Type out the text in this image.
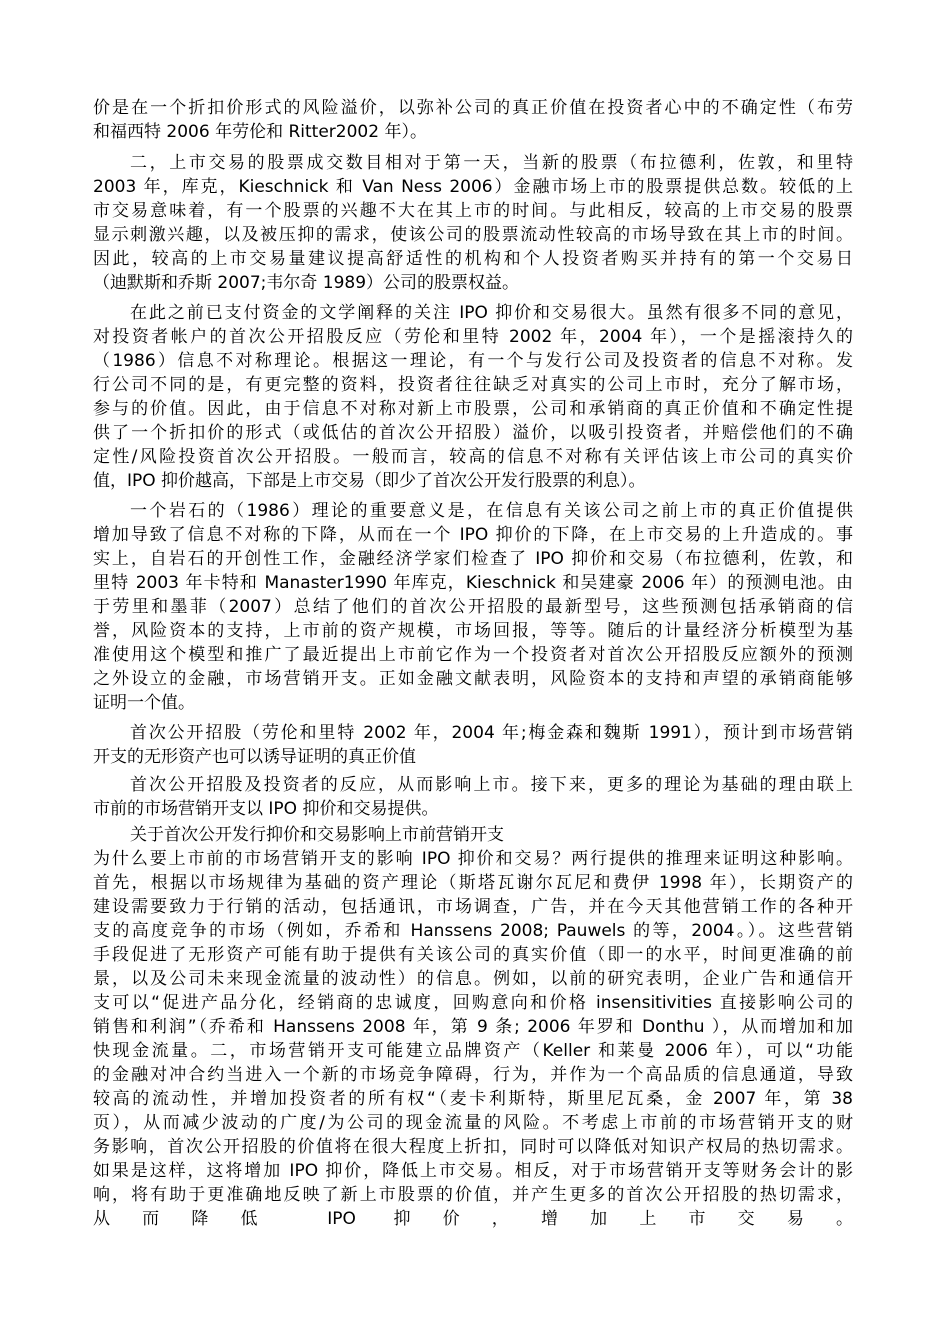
价是在一个折扣价形式的风险溢价，以弥补公司的真正价值在投资者心中的不确定性（布劳
和福西特 2006 年劳伦和 Ritter2002 年）。
二，上市交易的股票成交数目相对于第一天，当新的股票（布拉德利，佐敦，和里特
2003 年，库克，Kieschnick 和 Van Ness 2006）金融市场上市的股票提供总数。较低的上
市交易意味着，有一个股票的兴趣不大在其上市的时间。与此相反，较高的上市交易的股票
显示刺激兴趣，以及被压抑的需求，使该公司的股票流动性较高的市场导致在其上市的时间。
因此，较高的上市交易量建议提高舒适性的机构和个人投资者购买并持有的第一个交易日
（迪默斯和乔斯 2007;韦尔奇 1989）公司的股票权益。
在此之前已支付资金的文学阐释的关注 IPO 抑价和交易很大。虽然有很多不同的意见，
对投资者帐户的首次公开招股反应（劳伦和里特 2002 年，2004 年），一个是摇滚持久的
（1986）信息不对称理论。根据这一理论，有一个与发行公司及投资者的信息不对称。发
行公司不同的是，有更完整的资料，投资者往往缺乏对真实的公司上市时，充分了解市场，
参与的价值。因此，由于信息不对称对新上市股票，公司和承销商的真正价值和不确定性提
供了一个折扣价的形式（或低估的首次公开招股）溢价，以吸引投资者，并赔偿他们的不确
定性/风险投资首次公开招股。一般而言，较高的信息不对称有关评估该上市公司的真实价
值，IPO 抑价越高，下部是上市交易（即少了首次公开发行股票的利息）。
一个岩石的（1986）理论的重要意义是，在信息有关该公司之前上市的真正价值提供
增加导致了信息不对称的下降，从而在一个 IPO 抑价的下降，在上市交易的上升造成的。事
实上，自岩石的开创性工作，金融经济学家们检查了 IPO 抑价和交易（布拉德利，佐敦，和
里特 2003 年卡特和 Manaster1990 年库克，Kieschnick 和吴建豪 2006 年）的预测电池。由
于劳里和墨菲（2007）总结了他们的首次公开招股的最新型号，这些预测包括承销商的信
誉，风险资本的支持，上市前的资产规模，市场回报，等等。随后的计量经济分析模型为基
准使用这个模型和推广了最近提出上市前它作为一个投资者对首次公开招股反应额外的预测
之外设立的金融，市场营销开支。正如金融文献表明，风险资本的支持和声望的承销商能够
证明一个值。
首次公开招股（劳伦和里特 2002 年，2004 年;梅金森和魏斯 1991），预计到市场营销
开支的无形资产也可以诱导证明的真正价值
首次公开招股及投资者的反应，从而影响上市。接下来，更多的理论为基础的理由联上
市前的市场营销开支以 IPO 抑价和交易提供。
关于首次公开发行抑价和交易影响上市前营销开支
为什么要上市前的市场营销开支的影响 IPO 抑价和交易？两行提供的推理来证明这种影响。
首先，根据以市场规律为基础的资产理论（斯塔瓦谢尔瓦尼和费伊 1998 年），长期资产的
建设需要致力于行销的活动，包括通讯，市场调查，广告，并在今天其他营销工作的各种开
支的高度竞争的市场（例如，乔希和 Hanssens 2008; Pauwels 的等，2004。）。这些营销
手段促进了无形资产可能有助于提供有关该公司的真实价值（即一的水平，时间更准确的前
景，以及公司未来现金流量的波动性）的信息。例如，以前的研究表明，企业广告和通信开
支可以“促进产品分化，经销商的忠诚度，回购意向和价格 insensitivities 直接影响公司的
销售和利润”（乔希和 Hanssens 2008 年，第 9 条; 2006 年罗和 Donthu ），从而增加和加
快现金流量。二，市场营销开支可能建立品牌资产（Keller 和莱曼 2006 年），可以“功能
的金融对冲合约当进入一个新的市场竞争障碍，行为，并作为一个高品质的信息通道，导致
较高的流动性，并增加投资者的所有权“（麦卡利斯特，斯里尼瓦桑，金 2007 年，第 38
页），从而减少波动的广度/为公司的现金流量的风险。不考虑上市前的市场营销开支的财
务影响，首次公开招股的价值将在很大程度上折扣，同时可以降低对知识产权局的热切需求。
如果是这样，这将增加 IPO 抑价，降低上市交易。相反，对于市场营销开支等财务会计的影
响，将有助于更准确地反映了新上市股票的价值，并产生更多的首次公开招股的热切需求，
从而降低 IPO 抑价，增加上市交易。
